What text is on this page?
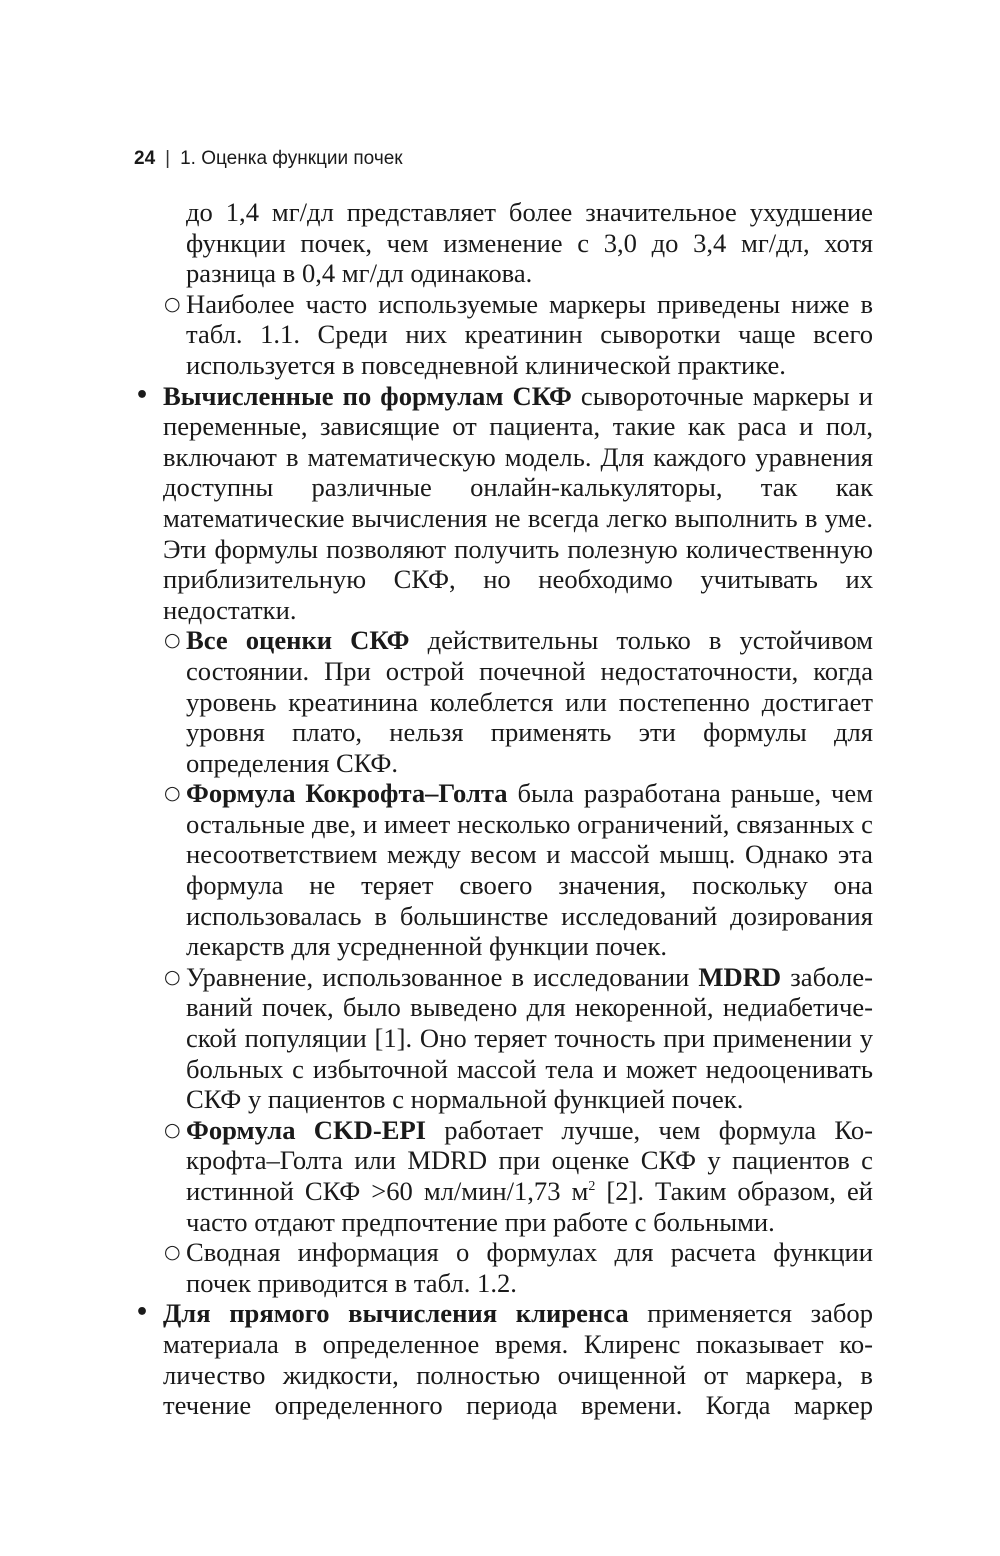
24 | 1. Оценка функции почек

до 1,4 мг/дл представляет более значительное ухудшение функции почек, чем изменение с 3,0 до 3,4 мг/дл, хотя разница в 0,4 мг/дл одинакова.

○ Наиболее часто используемые маркеры приведены ниже в табл. 1.1. Среди них креатинин сыворотки чаще всего используется в повседневной клинической практике.

• Вычисленные по формулам СКФ сывороточные маркеры и переменные, зависящие от пациента, такие как раса и пол, включают в математическую модель. Для каждого уравнения доступны различные онлайн-калькуляторы, так как математические вычисления не всегда легко выполнить в уме. Эти формулы позволяют получить полезную количественную приблизительную СКФ, но необходимо учитывать их недостатки.

○ Все оценки СКФ действительны только в устойчивом состоянии. При острой почечной недостаточности, когда уровень креатинина колеблется или постепенно достигает уровня плато, нельзя применять эти формулы для определения СКФ.

○ Формула Кокрофта–Голта была разработана раньше, чем остальные две, и имеет несколько ограничений, связанных с несоответствием между весом и массой мышц. Однако эта формула не теряет своего значения, поскольку она использовалась в большинстве исследований дозирования лекарств для усредненной функции почек.

○ Уравнение, использованное в исследовании MDRD заболеваний почек, было выведено для некоренной, недиабетической популяции [1]. Оно теряет точность при применении у больных с избыточной массой тела и может недооценивать СКФ у пациентов с нормальной функцией почек.

○ Формула CKD-EPI работает лучше, чем формула Кокрофта–Голта или MDRD при оценке СКФ у пациентов с истинной СКФ >60 мл/мин/1,73 $м^2$ [2]. Таким образом, ей часто отдают предпочтение при работе с больными.

○ Сводная информация о формулах для расчета функции почек приводится в табл. 1.2.

• Для прямого вычисления клиренса применяется забор материала в определенное время. Клиренс показывает количество жидкости, полностью очищенной от маркера, в течение определенного периода времени. Когда маркер
